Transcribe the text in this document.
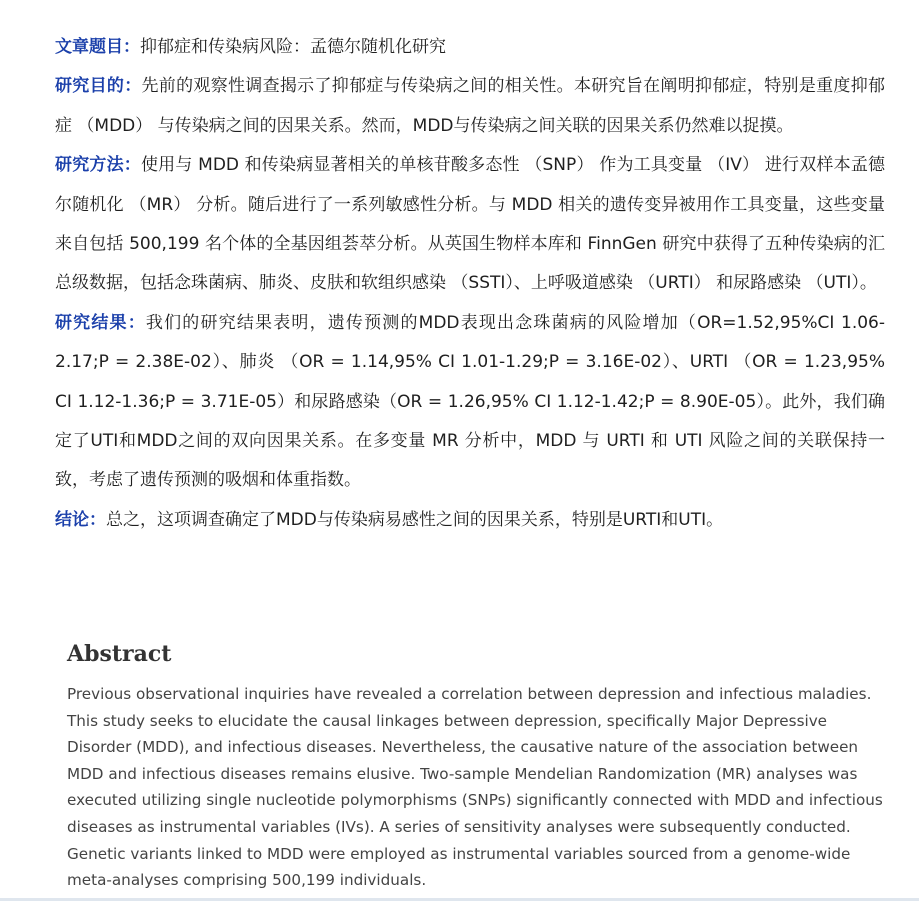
文章题目：抑郁症和传染病风险：孟德尔随机化研究

研究目的：先前的观察性调查揭示了抑郁症与传染病之间的相关性。本研究旨在阐明抑郁症，特别是重度抑郁症 （MDD） 与传染病之间的因果关系。然而，MDD与传染病之间关联的因果关系仍然难以捉摸。

研究方法：使用与 MDD 和传染病显著相关的单核苷酸多态性 （SNP） 作为工具变量 （IV） 进行双样本孟德尔随机化 （MR） 分析。随后进行了一系列敏感性分析。与 MDD 相关的遗传变异被用作工具变量，这些变量来自包括 500,199 名个体的全基因组荟萃分析。从英国生物样本库和 FinnGen 研究中获得了五种传染病的汇总级数据，包括念珠菌病、肺炎、皮肤和软组织感染 （SSTI）、上呼吸道感染 （URTI） 和尿路感染 （UTI）。

研究结果：我们的研究结果表明，遗传预测的MDD表现出念珠菌病的风险增加（OR=1.52,95%CI 1.06-2.17;P = 2.38E-02）、肺炎 （OR = 1.14,95% CI 1.01-1.29;P = 3.16E-02）、URTI （OR = 1.23,95% CI 1.12-1.36;P = 3.71E-05）和尿路感染（OR = 1.26,95% CI 1.12-1.42;P = 8.90E-05）。此外，我们确定了UTI和MDD之间的双向因果关系。在多变量 MR 分析中，MDD 与 URTI 和 UTI 风险之间的关联保持一致，考虑了遗传预测的吸烟和体重指数。

结论：总之，这项调查确定了MDD与传染病易感性之间的因果关系，特别是URTI和UTI。

Abstract

Previous observational inquiries have revealed a correlation between depression and infectious maladies. This study seeks to elucidate the causal linkages between depression, specifically Major Depressive Disorder (MDD), and infectious diseases. Nevertheless, the causative nature of the association between MDD and infectious diseases remains elusive. Two-sample Mendelian Randomization (MR) analyses was executed utilizing single nucleotide polymorphisms (SNPs) significantly connected with MDD and infectious diseases as instrumental variables (IVs). A series of sensitivity analyses were subsequently conducted. Genetic variants linked to MDD were employed as instrumental variables sourced from a genome-wide meta-analyses comprising 500,199 individuals.
